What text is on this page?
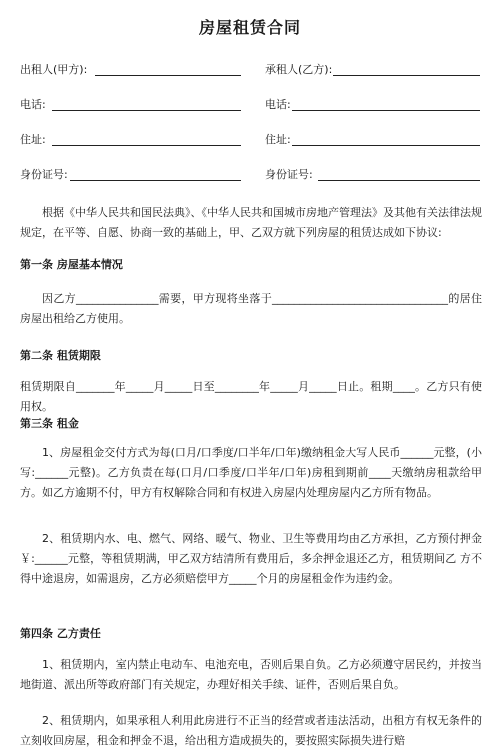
房屋租赁合同
出租人(甲方):	承租人(乙方):
电话:	电话:
住址:	住址:
身份证号:	身份证号:
根据《中华人民共和国民法典》、《中华人民共和国城市房地产管理法》及其他有关法律法规规定，在平等、自愿、协商一致的基础上，甲、乙双方就下列房屋的租赁达成如下协议:
第一条 房屋基本情况
因乙方_______________需要，甲方现将坐落于________________________________的居住房屋出租给乙方使用。
第二条 租赁期限
租赁期限自_______年_____月_____日至________年_____月_____日止。租期____。乙方只有使用权。
第三条 租金
1、房屋租金交付方式为每(口月/口季度/口半年/口年)缴纳租金大写人民币______元整，(小写:______元整)。乙方负责在每(口月/口季度/口半年/口年)房租到期前____天缴纳房租款给甲方。如乙方逾期不付，甲方有权解除合同和有权进入房屋内处理房屋内乙方所有物品。
2、租赁期内水、电、燃气、网络、暖气、物业、卫生等费用均由乙方承担，乙方预付押金￥:______元整，等租赁期满，甲乙双方结清所有费用后，多余押金退还乙方，租赁期间乙 方不得中途退房，如需退房，乙方必须赔偿甲方_____个月的房屋租金作为违约金。
第四条 乙方责任
1、租赁期内，室内禁止电动车、电池充电，否则后果自负。乙方必须遵守居民约，并按当地街道、派出所等政府部门有关规定，办理好相关手续、证件，否则后果自负。
2、租赁期内，如果承租人利用此房进行不正当的经营或者违法活动，出租方有权无条件的立刻收回房屋，租金和押金不退，给出租方造成损失的，要按照实际损失进行赔
